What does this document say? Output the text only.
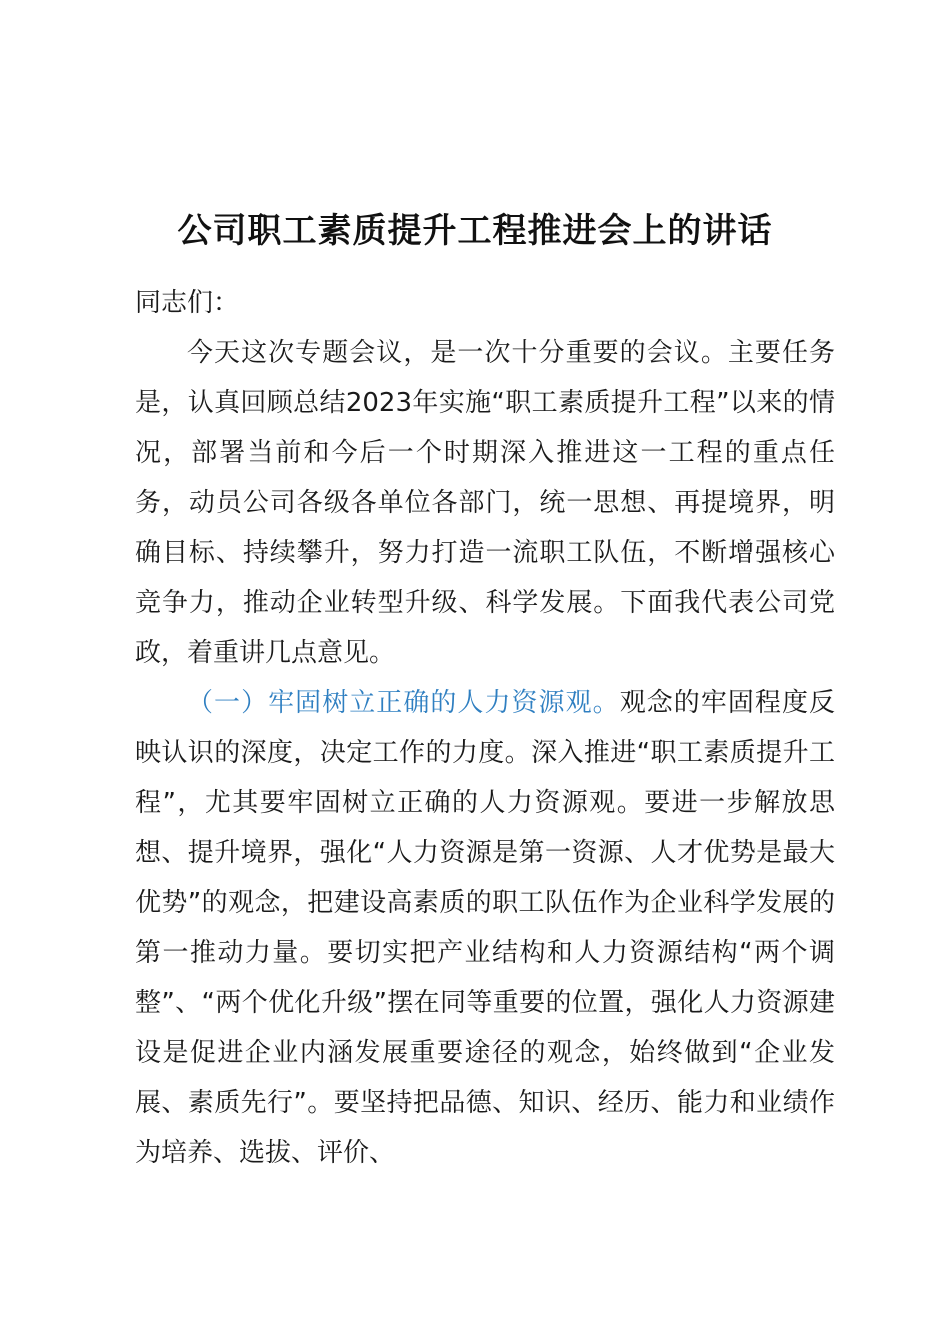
公司职工素质提升工程推进会上的讲话

同志们：

今天这次专题会议，是一次十分重要的会议。主要任务是，认真回顾总结2023年实施“职工素质提升工程”以来的情况，部署当前和今后一个时期深入推进这一工程的重点任务，动员公司各级各单位各部门，统一思想、再提境界，明确目标、持续攀升，努力打造一流职工队伍，不断增强核心竞争力，推动企业转型升级、科学发展。下面我代表公司党政，着重讲几点意见。

（一）牢固树立正确的人力资源观。观念的牢固程度反映认识的深度，决定工作的力度。深入推进“职工素质提升工程”，尤其要牢固树立正确的人力资源观。要进一步解放思想、提升境界，强化“人力资源是第一资源、人才优势是最大优势”的观念，把建设高素质的职工队伍作为企业科学发展的第一推动力量。要切实把产业结构和人力资源结构“两个调整”、“两个优化升级”摆在同等重要的位置，强化人力资源建设是促进企业内涵发展重要途径的观念，始终做到“企业发展、素质先行”。要坚持把品德、知识、经历、能力和业绩作为培养、选拔、评价、
